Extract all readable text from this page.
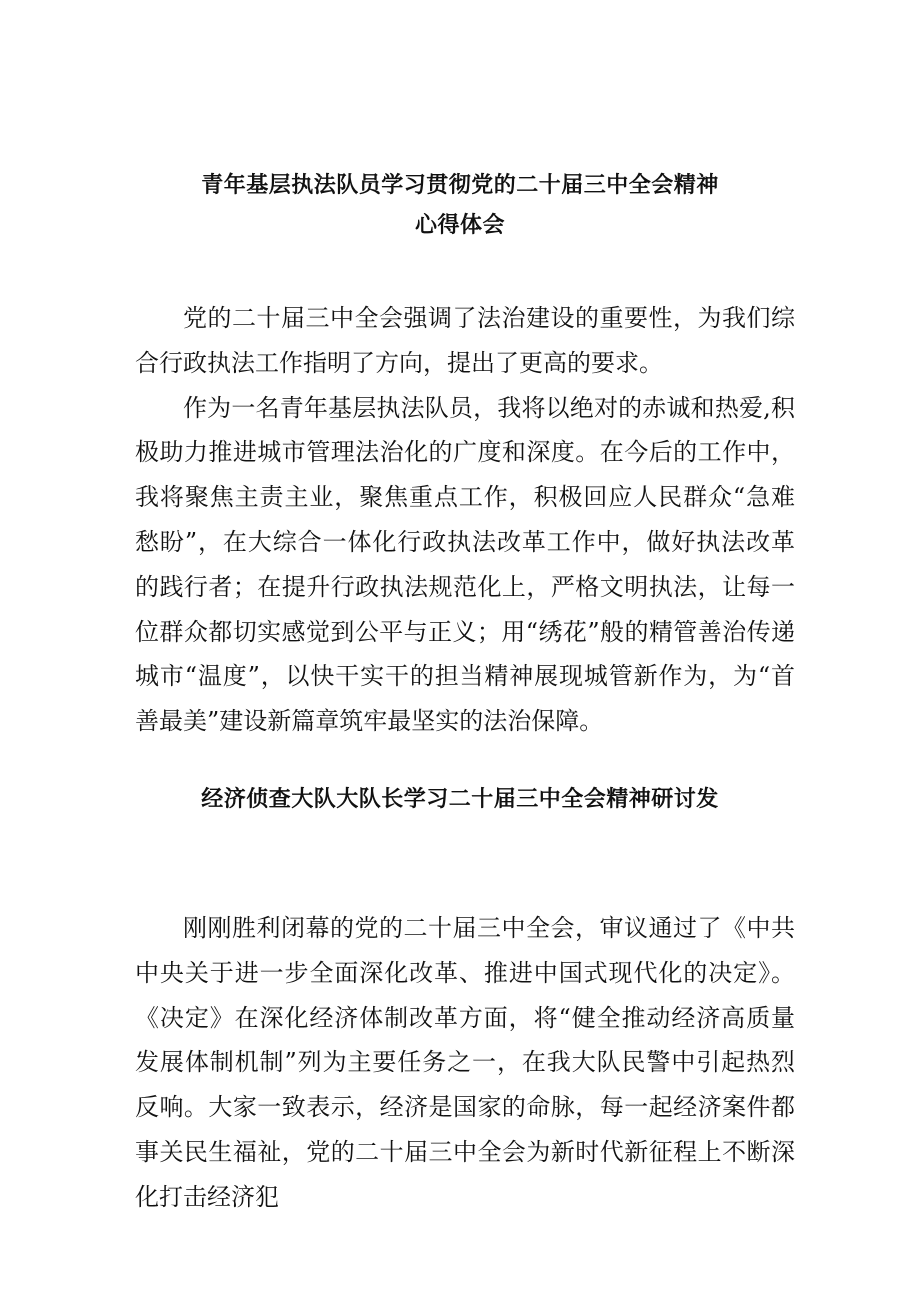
青年基层执法队员学习贯彻党的二十届三中全会精神
心得体会

党的二十届三中全会强调了法治建设的重要性，为我们综合行政执法工作指明了方向，提出了更高的要求。

作为一名青年基层执法队员，我将以绝对的赤诚和热爱,积极助力推进城市管理法治化的广度和深度。在今后的工作中，我将聚焦主责主业，聚焦重点工作，积极回应人民群众“急难愁盼”，在大综合一体化行政执法改革工作中，做好执法改革的践行者；在提升行政执法规范化上，严格文明执法，让每一位群众都切实感觉到公平与正义；用“绣花”般的精管善治传递城市“温度”，以快干实干的担当精神展现城管新作为，为“首善最美”建设新篇章筑牢最坚实的法治保障。

经济侦查大队大队长学习二十届三中全会精神研讨发

刚刚胜利闭幕的党的二十届三中全会，审议通过了《中共中央关于进一步全面深化改革、推进中国式现代化的决定》。《决定》在深化经济体制改革方面，将“健全推动经济高质量发展体制机制”列为主要任务之一，在我大队民警中引起热烈反响。大家一致表示，经济是国家的命脉，每一起经济案件都事关民生福祉，党的二十届三中全会为新时代新征程上不断深化打击经济犯
